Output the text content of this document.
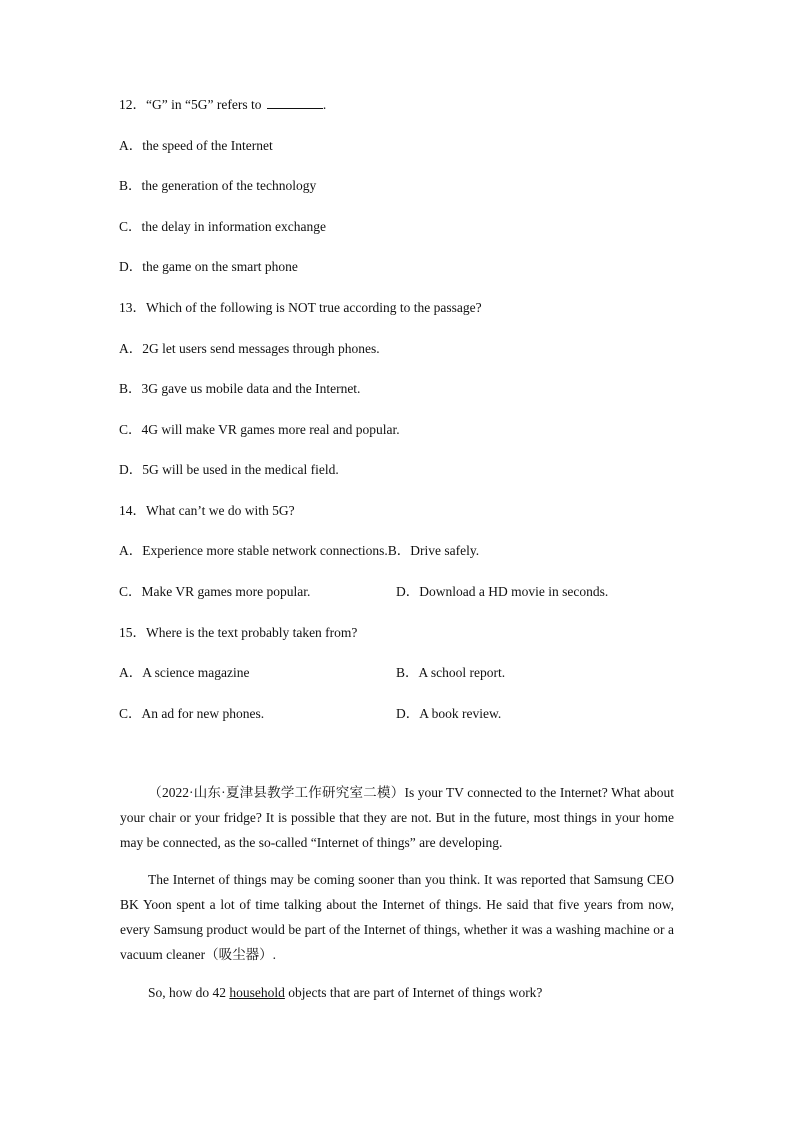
12．“G” in “5G” refers to	.
A．the speed of the Internet
B．the generation of the technology
C．the delay in information exchange
D．the game on the smart phone
13．Which of the following is NOT true according to the passage?
A．2G let users send messages through phones.
B．3G gave us mobile data and the Internet.
C．4G will make VR games more real and popular.
D．5G will be used in the medical field.
14．What can’t we do with 5G?
A．Experience more stable network connections.B．Drive safely.
C．Make VR games more popular.	D．Download a HD movie in seconds.
15．Where is the text probably taken from?
A．A science magazine	B．A school report.
C．An ad for new phones.	D．A book review.

（2022·山东·夏津县教学工作研究室二模）Is your TV connected to the Internet? What about your chair or your fridge? It is possible that they are not. But in the future, most things in your home may be connected, as the so-called “Internet of things” are developing.

The Internet of things may be coming sooner than you think. It was reported that Samsung CEO BK Yoon spent a lot of time talking about the Internet of things. He said that five years from now, every Samsung product would be part of the Internet of things, whether it was a washing machine or a vacuum cleaner（吸尘器）.

So, how do 42 household objects that are part of Internet of things work?
